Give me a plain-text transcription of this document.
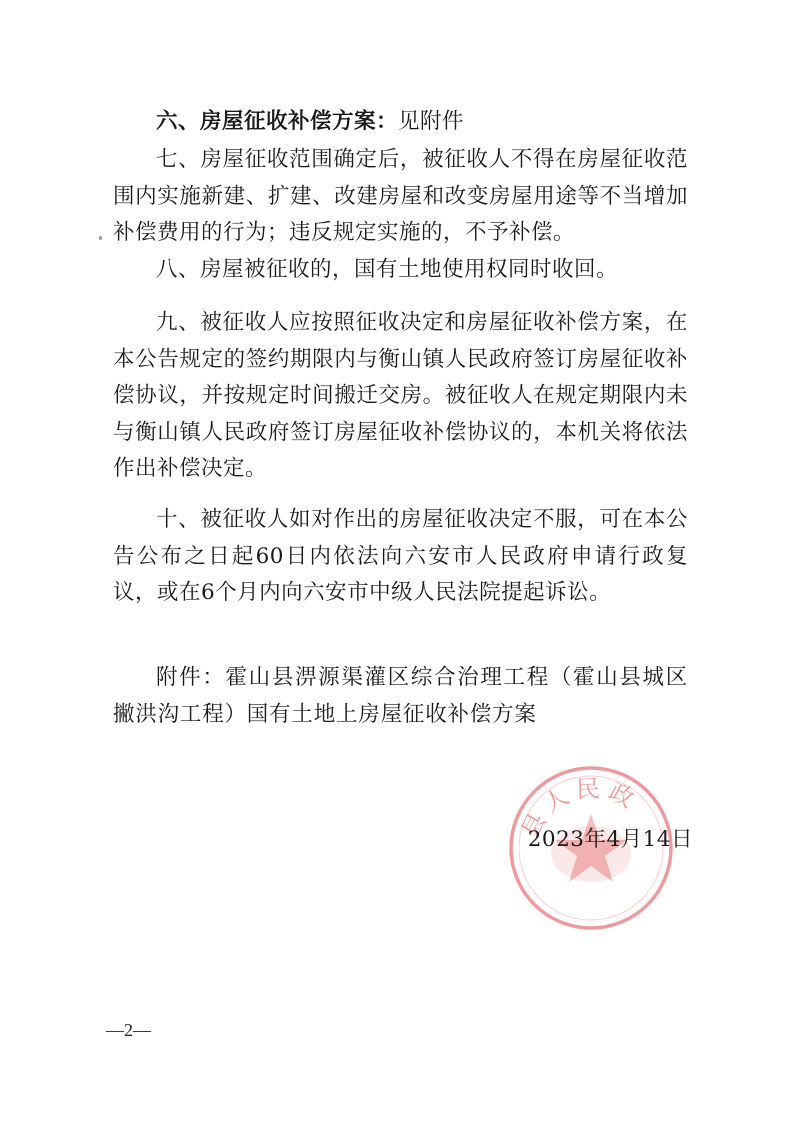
六、房屋征收补偿方案：见附件

七、房屋征收范围确定后，被征收人不得在房屋征收范围内实施新建、扩建、改建房屋和改变房屋用途等不当增加补偿费用的行为；违反规定实施的，不予补偿。

八、房屋被征收的，国有土地使用权同时收回。

九、被征收人应按照征收决定和房屋征收补偿方案，在本公告规定的签约期限内与衡山镇人民政府签订房屋征收补偿协议，并按规定时间搬迁交房。被征收人在规定期限内未与衡山镇人民政府签订房屋征收补偿协议的，本机关将依法作出补偿决定。

十、被征收人如对作出的房屋征收决定不服，可在本公告公布之日起60日内依法向六安市人民政府申请行政复议，或在6个月内向六安市中级人民法院提起诉讼。

附件：霍山县淠源渠灌区综合治理工程（霍山县城区撇洪沟工程）国有土地上房屋征收补偿方案

县人民政
2023年4月14日
—2—
